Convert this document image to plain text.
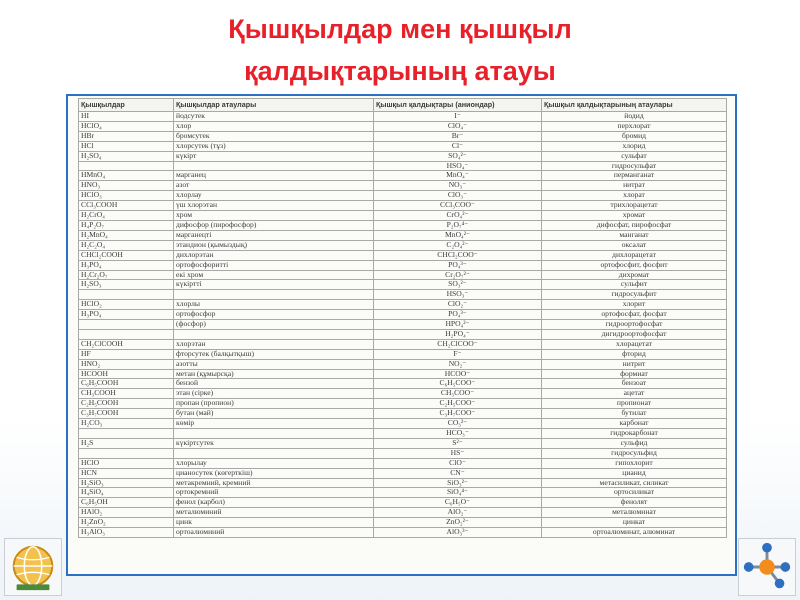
Қышқылдар мен қышқыл
қалдықтарының атауы
Қышқылдар	Қышқылдар атаулары	Қышқыл қалдықтары (аниондар)	Қышқыл қалдықтарының атаулары
HI	йодсутек	I⁻	йодид
HClO₄	хлор	ClO₄⁻	перхлорат
HBr	бромсутек	Br⁻	бромид
HCl	хлорсутек (тұз)	Cl⁻	хлорид
H₂SO₄	күкірт	SO₄²⁻	сульфат
		HSO₄⁻	гидросульфат
HMnO₄	марганец	MnO₄⁻	перманганат
HNO₃	азот	NO₃⁻	нитрат
HClO₃	хлорлау	ClO₃⁻	хлорат
CCl₃COOH	үш хлорэтан	CCl₃COO⁻	трихлорацетат
H₂CrO₄	хром	CrO₄²⁻	хромат
H₄P₂O₇	дифосфор (пирофосфор)	P₂O₇⁴⁻	дифосфат, пирофосфат
H₂MnO₄	марганецті	MnO₄²⁻	манганат
H₂C₂O₄	этандион (қымыздық)	C₂O₄²⁻	оксалат
CHCl₂COOH	дихлорэтан	CHCl₂COO⁻	дихлорацетат
H₃PO₄	ортофосфоритті	PO₄³⁻	ортофосфит, фосфит
H₂Cr₂O₇	екі хром	Cr₂O₇²⁻	дихромат
H₂SO₃	күкіртті	SO₃²⁻	сульфит
		HSO₃⁻	гидросульфит
HClO₂	хлорлы	ClO₂⁻	хлорит
H₃PO₄	ортофосфор	PO₄³⁻	ортофосфат, фосфат
	(фосфор)	HPO₄²⁻	гидроортофосфат
		H₂PO₄⁻	дигидроортофосфат
CH₂ClCOOH	хлорэтан	CH₂ClCOO⁻	хлорацетат
HF	фторсутек (балқытқыш)	F⁻	фторид
HNO₂	азотты	NO₂⁻	нитрит
HCOOH	метан (құмырсқа)	HCOO⁻	формиат
C₆H₅COOH	бензой	C₆H₅COO⁻	бензоат
CH₃COOH	этан (сірке)	CH₃COO⁻	ацетат
C₂H₅COOH	пропан (пропион)	C₂H₅COO⁻	пропионат
C₃H₇COOH	бутан (май)	C₃H₇COO⁻	бутилат
H₂CO₃	көмір	CO₃²⁻	карбонат
		HCO₃⁻	гидрокарбонат
H₂S	күкіртсутек	S²⁻	сульфид
		HS⁻	гидросульфид
HClO	хлорылау	ClO⁻	гипохлорит
HCN	цианосутек (көгерткіш)	CN⁻	цианид
H₂SiO₃	метакремний, кремний	SiO₃²⁻	метасиликат, силикат
H₄SiO₄	ортокремний	SiO₄⁴⁻	ортосиликат
C₆H₅OH	фенол (карбол)	C₆H₅O⁻	фенолят
HAlO₂	металюминий	AlO₂⁻	металюминат
H₂ZnO₂	цинк	ZnO₂²⁻	цинкат
H₃AlO₃	ортоалюминий	AlO₃³⁻	ортоалюминат, алюминат
